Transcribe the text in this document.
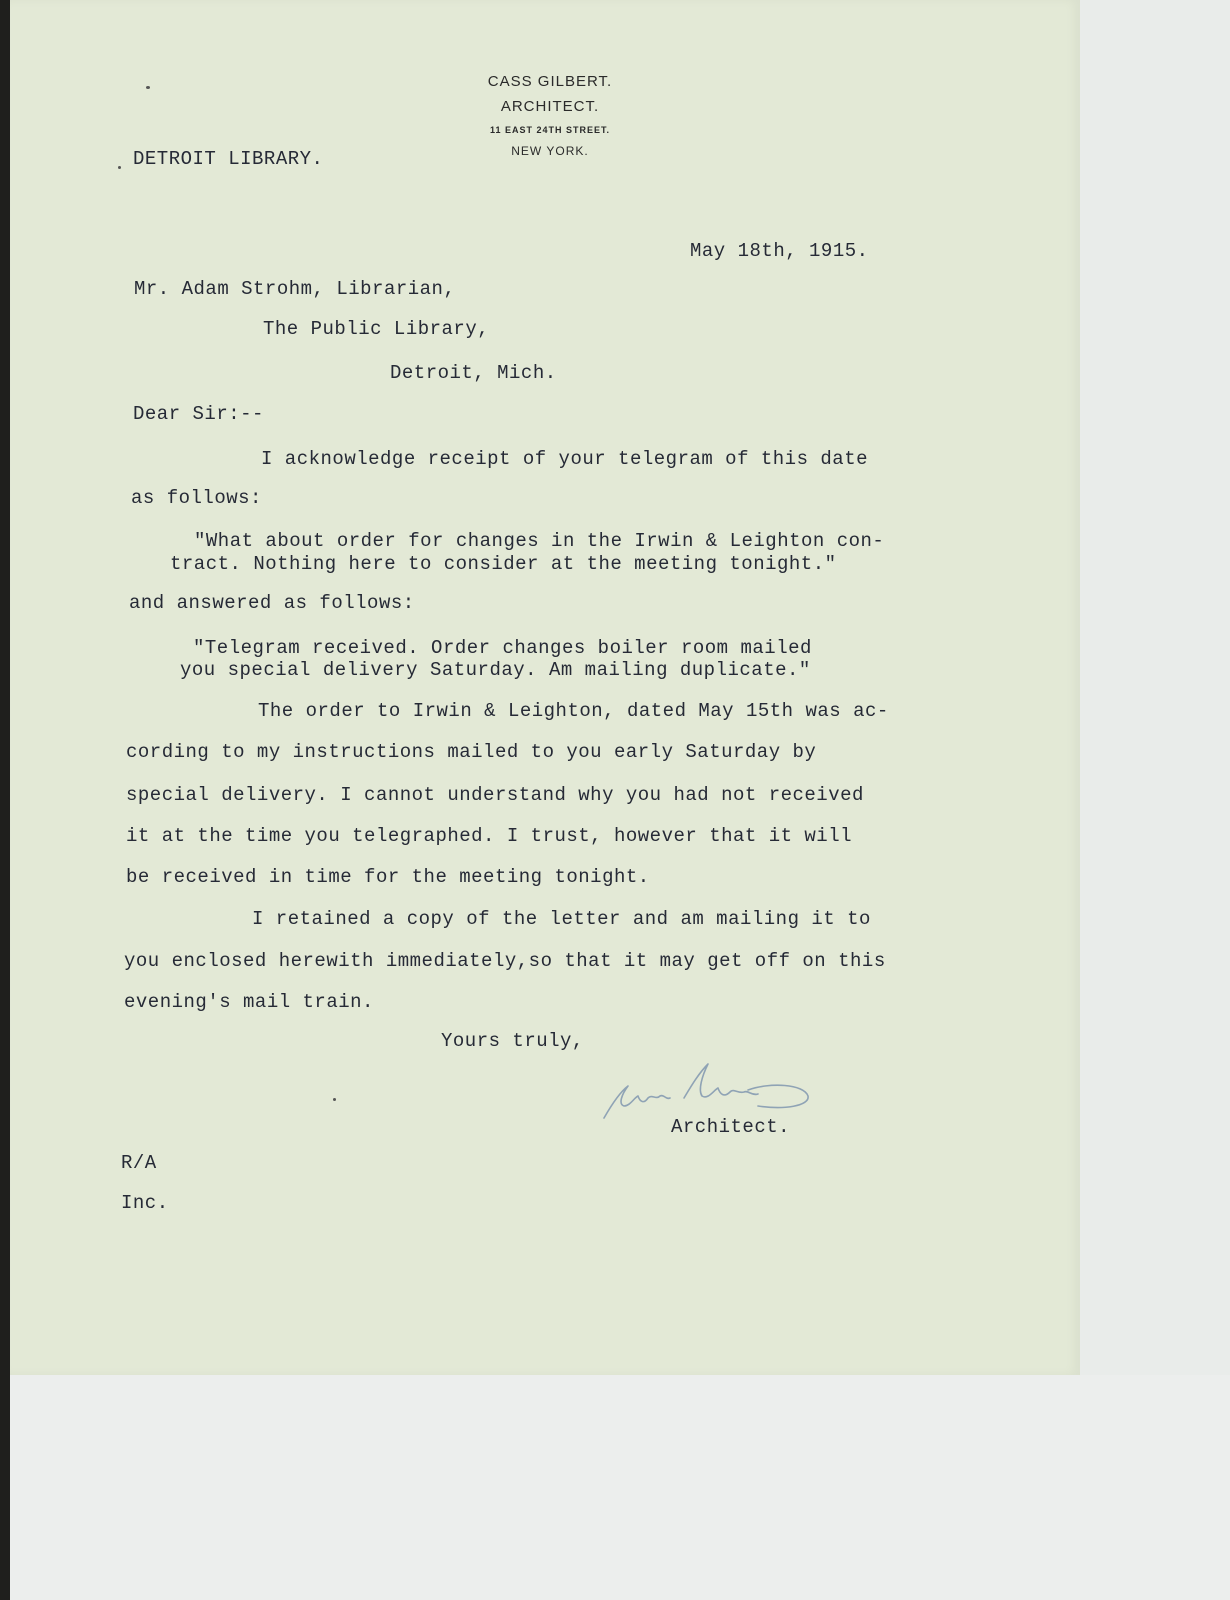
CASS GILBERT.
ARCHITECT.
11 EAST 24TH STREET.
NEW YORK.
DETROIT LIBRARY.
May 18th, 1915.
Mr. Adam Strohm, Librarian,
The Public Library,
Detroit, Mich.
Dear Sir:--
I acknowledge receipt of your telegram of this date
as follows:
"What about order for changes in the Irwin & Leighton con-
tract. Nothing here to consider at the meeting tonight."
and answered as follows:
"Telegram received. Order changes boiler room mailed
you special delivery Saturday. Am mailing duplicate."
The order to Irwin & Leighton, dated May 15th was ac-
cording to my instructions mailed to you early Saturday by
special delivery. I cannot understand why you had not received
it at the time you telegraphed. I trust, however that it will
be received in time for the meeting tonight.
I retained a copy of the letter and am mailing it to
you enclosed herewith immediately,so that it may get off on this
evening's mail train.
Yours truly,
Architect.
R/A
Inc.
